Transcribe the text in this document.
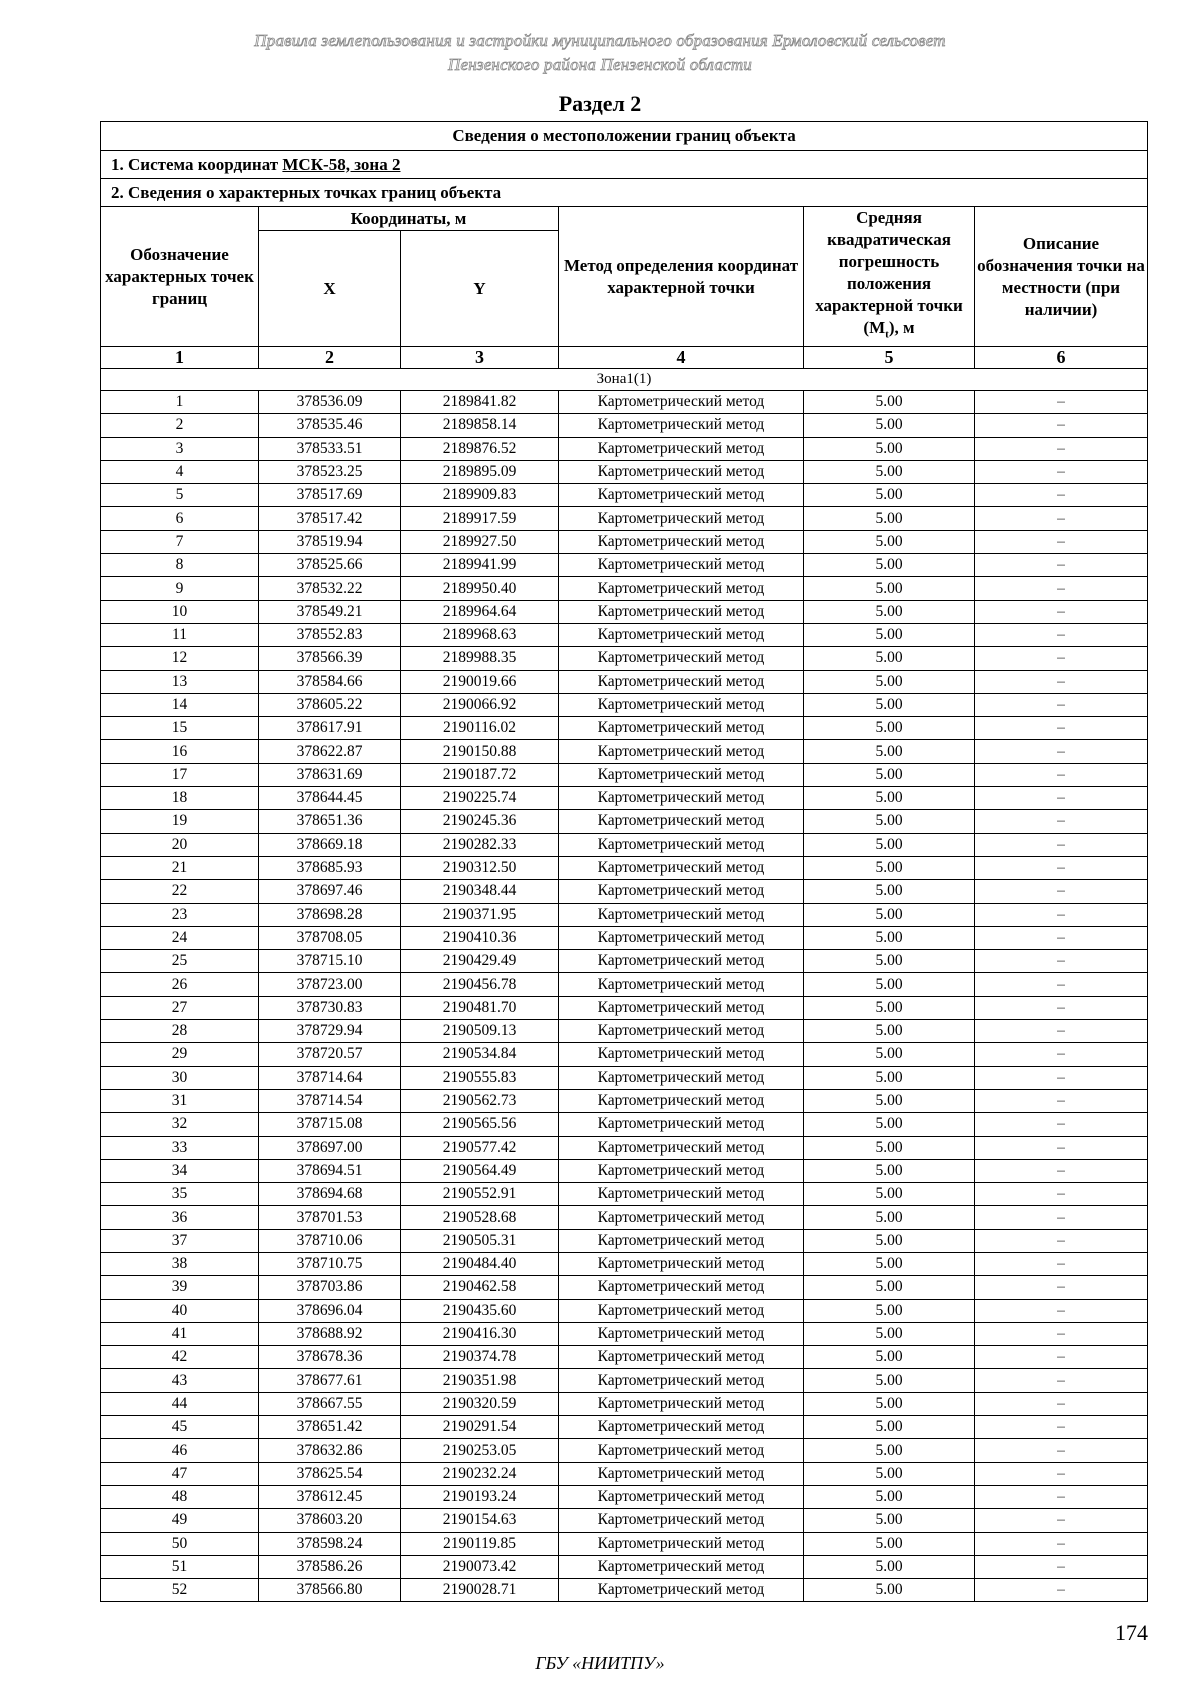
Правила землепользования и застройки муниципального образования Ермоловский сельсовет
Пензенского района Пензенской области
Раздел 2
Сведения о местоположении границ объекта					
1. Система координат МСК-58, зона 2					
2. Сведения о характерных точках границ объекта					
Обозначение характерных точек границ	Координаты, м		Метод определения координат характерной точки	Средняя квадратическая погрешность положения характерной точки $(M_t)$, м	Описание обозначения точки на местности (при наличии)
	X	Y			
1	2	3	4	5	6
Зона1(1)					
1	378536.09	2189841.82	Картометрический метод	5.00	–
2	378535.46	2189858.14	Картометрический метод	5.00	–
3	378533.51	2189876.52	Картометрический метод	5.00	–
4	378523.25	2189895.09	Картометрический метод	5.00	–
5	378517.69	2189909.83	Картометрический метод	5.00	–
6	378517.42	2189917.59	Картометрический метод	5.00	–
7	378519.94	2189927.50	Картометрический метод	5.00	–
8	378525.66	2189941.99	Картометрический метод	5.00	–
9	378532.22	2189950.40	Картометрический метод	5.00	–
10	378549.21	2189964.64	Картометрический метод	5.00	–
11	378552.83	2189968.63	Картометрический метод	5.00	–
12	378566.39	2189988.35	Картометрический метод	5.00	–
13	378584.66	2190019.66	Картометрический метод	5.00	–
14	378605.22	2190066.92	Картометрический метод	5.00	–
15	378617.91	2190116.02	Картометрический метод	5.00	–
16	378622.87	2190150.88	Картометрический метод	5.00	–
17	378631.69	2190187.72	Картометрический метод	5.00	–
18	378644.45	2190225.74	Картометрический метод	5.00	–
19	378651.36	2190245.36	Картометрический метод	5.00	–
20	378669.18	2190282.33	Картометрический метод	5.00	–
21	378685.93	2190312.50	Картометрический метод	5.00	–
22	378697.46	2190348.44	Картометрический метод	5.00	–
23	378698.28	2190371.95	Картометрический метод	5.00	–
24	378708.05	2190410.36	Картометрический метод	5.00	–
25	378715.10	2190429.49	Картометрический метод	5.00	–
26	378723.00	2190456.78	Картометрический метод	5.00	–
27	378730.83	2190481.70	Картометрический метод	5.00	–
28	378729.94	2190509.13	Картометрический метод	5.00	–
29	378720.57	2190534.84	Картометрический метод	5.00	–
30	378714.64	2190555.83	Картометрический метод	5.00	–
31	378714.54	2190562.73	Картометрический метод	5.00	–
32	378715.08	2190565.56	Картометрический метод	5.00	–
33	378697.00	2190577.42	Картометрический метод	5.00	–
34	378694.51	2190564.49	Картометрический метод	5.00	–
35	378694.68	2190552.91	Картометрический метод	5.00	–
36	378701.53	2190528.68	Картометрический метод	5.00	–
37	378710.06	2190505.31	Картометрический метод	5.00	–
38	378710.75	2190484.40	Картометрический метод	5.00	–
39	378703.86	2190462.58	Картометрический метод	5.00	–
40	378696.04	2190435.60	Картометрический метод	5.00	–
41	378688.92	2190416.30	Картометрический метод	5.00	–
42	378678.36	2190374.78	Картометрический метод	5.00	–
43	378677.61	2190351.98	Картометрический метод	5.00	–
44	378667.55	2190320.59	Картометрический метод	5.00	–
45	378651.42	2190291.54	Картометрический метод	5.00	–
46	378632.86	2190253.05	Картометрический метод	5.00	–
47	378625.54	2190232.24	Картометрический метод	5.00	–
48	378612.45	2190193.24	Картометрический метод	5.00	–
49	378603.20	2190154.63	Картометрический метод	5.00	–
50	378598.24	2190119.85	Картометрический метод	5.00	–
51	378586.26	2190073.42	Картометрический метод	5.00	–
52	378566.80	2190028.71	Картометрический метод	5.00	–
174
ГБУ «НИИТПУ»
